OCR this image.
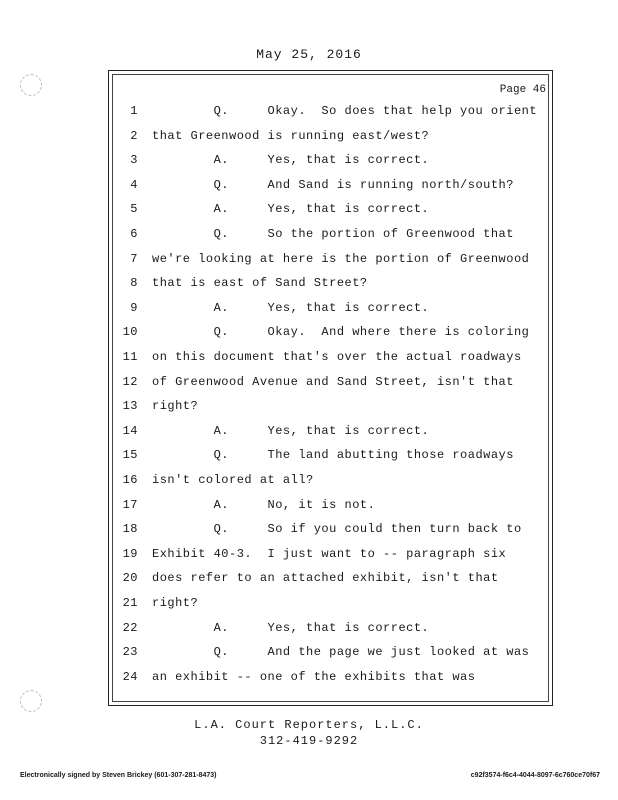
May 25, 2016
Page 46
1 Q.     Okay.  So does that help you orient
2 that Greenwood is running east/west?
3 A.     Yes, that is correct.
4 Q.     And Sand is running north/south?
5 A.     Yes, that is correct.
6 Q.     So the portion of Greenwood that
7 we're looking at here is the portion of Greenwood
8 that is east of Sand Street?
9 A.     Yes, that is correct.
10 Q.     Okay.  And where there is coloring
11 on this document that's over the actual roadways
12 of Greenwood Avenue and Sand Street, isn't that
13 right?
14 A.     Yes, that is correct.
15 Q.     The land abutting those roadways
16 isn't colored at all?
17 A.     No, it is not.
18 Q.     So if you could then turn back to
19 Exhibit 40-3.  I just want to -- paragraph six
20 does refer to an attached exhibit, isn't that
21 right?
22 A.     Yes, that is correct.
23 Q.     And the page we just looked at was
24 an exhibit -- one of the exhibits that was
L.A. Court Reporters, L.L.C.
312-419-9292
Electronically signed by Steven Brickey (601-307-281-8473)	c92f3574-f6c4-4044-8097-6c760ce70f67
